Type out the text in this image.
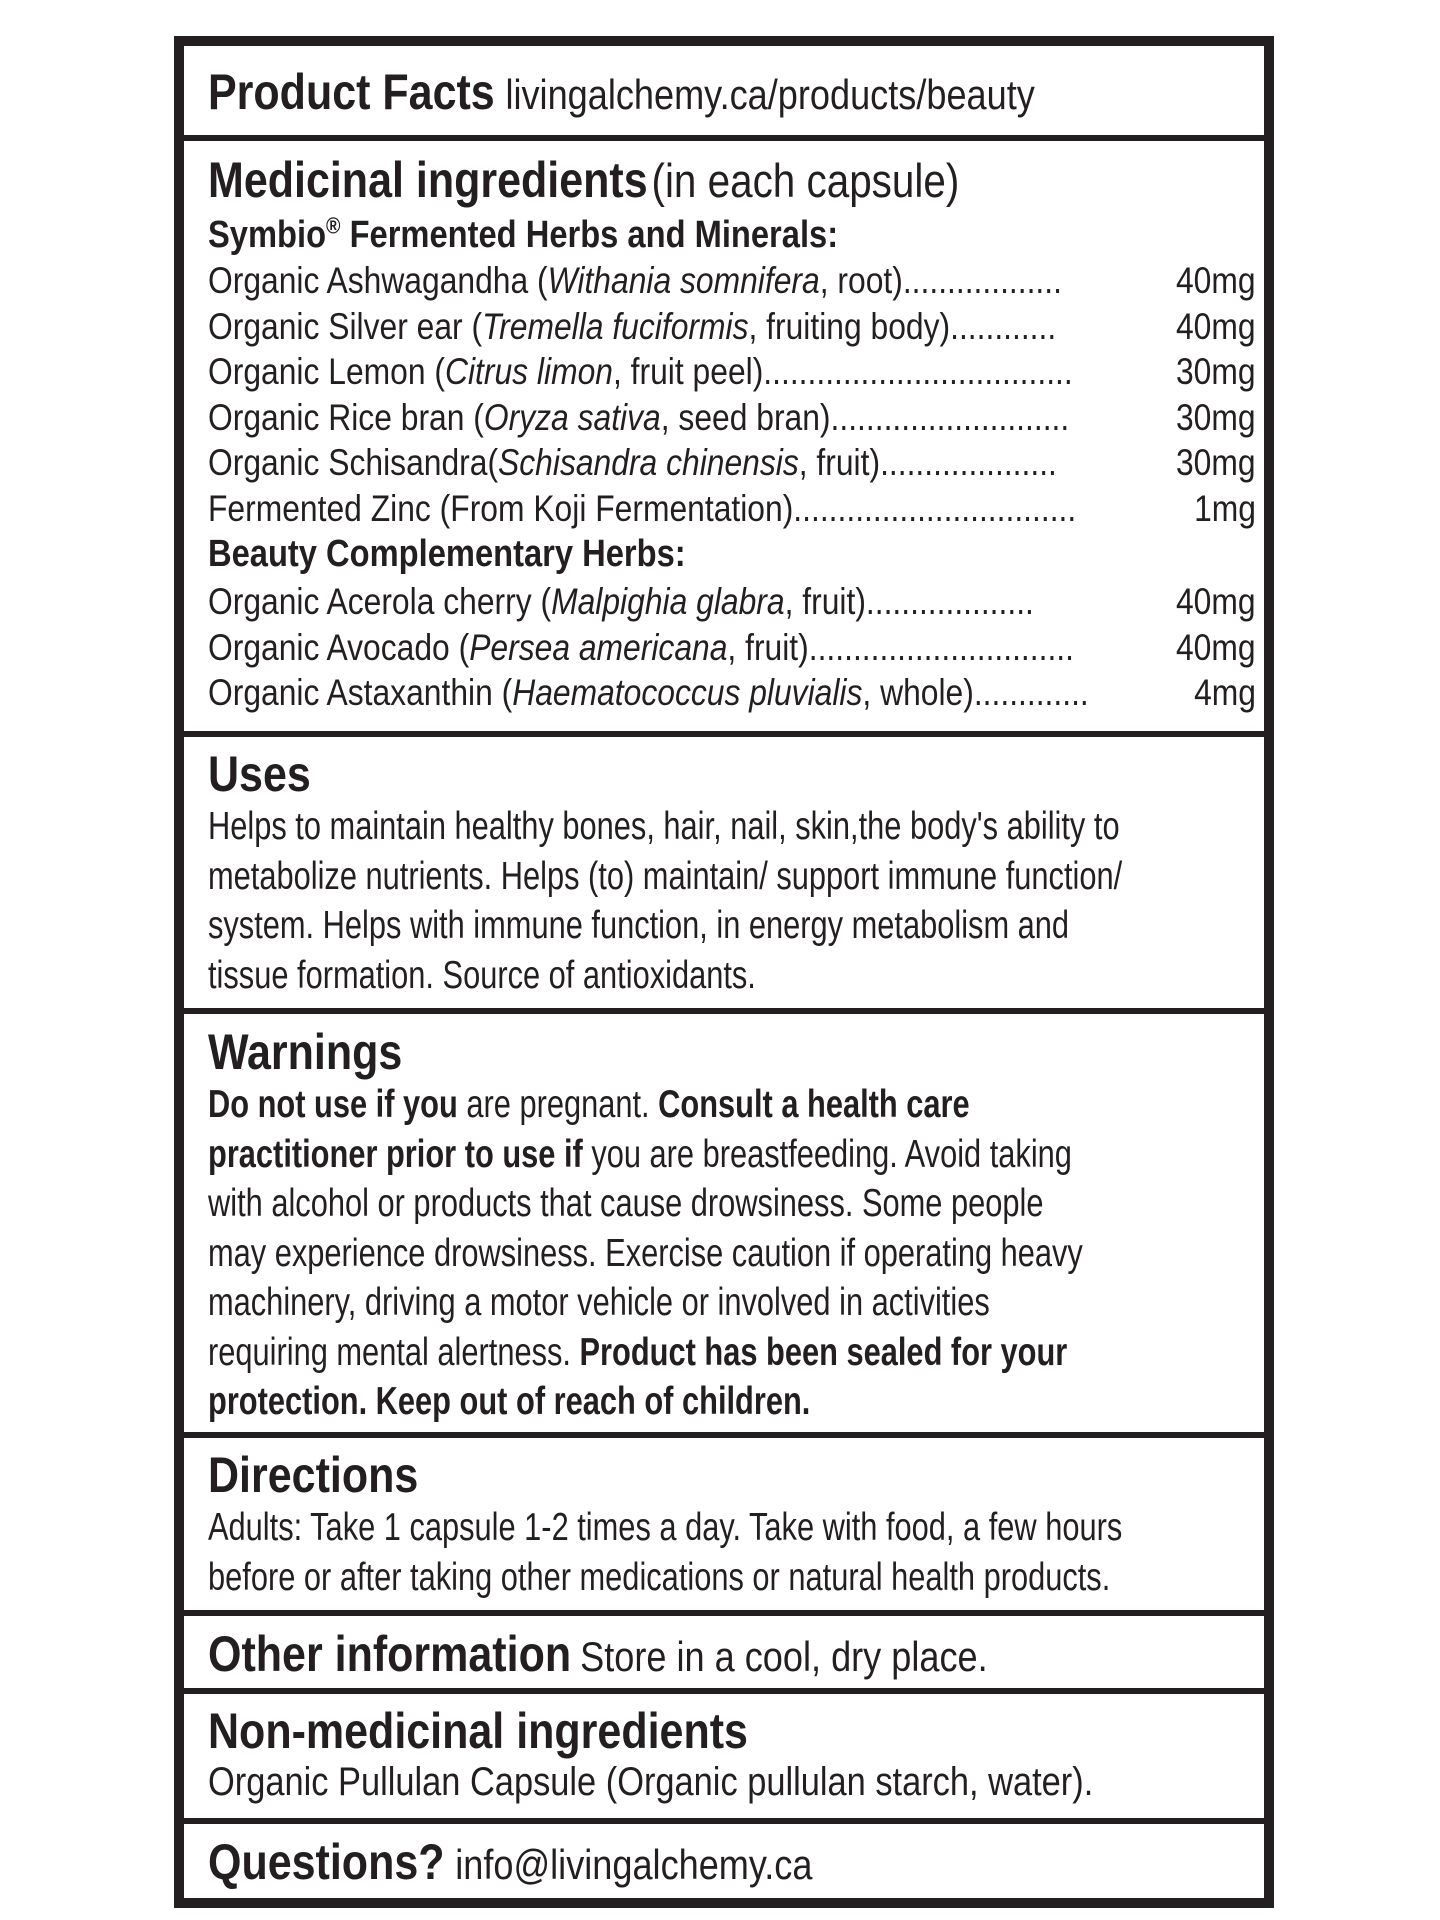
Product Facts livingalchemy.ca/products/beauty
Medicinal ingredients (in each capsule)
Symbio® Fermented Herbs and Minerals:
Organic Ashwagandha (Withania somnifera, root)..................	40mg
Organic Silver ear (Tremella fuciformis, fruiting body)............	40mg
Organic Lemon (Citrus limon, fruit peel)...................................	30mg
Organic Rice bran (Oryza sativa, seed bran)...........................	30mg
Organic Schisandra(Schisandra chinensis, fruit)....................	30mg
Fermented Zinc (From Koji Fermentation)................................	1mg
Beauty Complementary Herbs:
Organic Acerola cherry (Malpighia glabra, fruit)...................	40mg
Organic Avocado (Persea americana, fruit)..............................	40mg
Organic Astaxanthin (Haematococcus pluvialis, whole).............	4mg
Uses
Helps to maintain healthy bones, hair, nail, skin,the body's ability to
metabolize nutrients. Helps (to) maintain/ support immune function/
system. Helps with immune function, in energy metabolism and
tissue formation. Source of antioxidants.
Warnings
Do not use if you are pregnant. Consult a health care
practitioner prior to use if you are breastfeeding. Avoid taking
with alcohol or products that cause drowsiness. Some people
may experience drowsiness. Exercise caution if operating heavy
machinery, driving a motor vehicle or involved in activities
requiring mental alertness. Product has been sealed for your
protection. Keep out of reach of children.
Directions
Adults: Take 1 capsule 1-2 times a day. Take with food, a few hours
before or after taking other medications or natural health products.
Other information Store in a cool, dry place.
Non-medicinal ingredients
Organic Pullulan Capsule (Organic pullulan starch, water).
Questions? info@livingalchemy.ca
